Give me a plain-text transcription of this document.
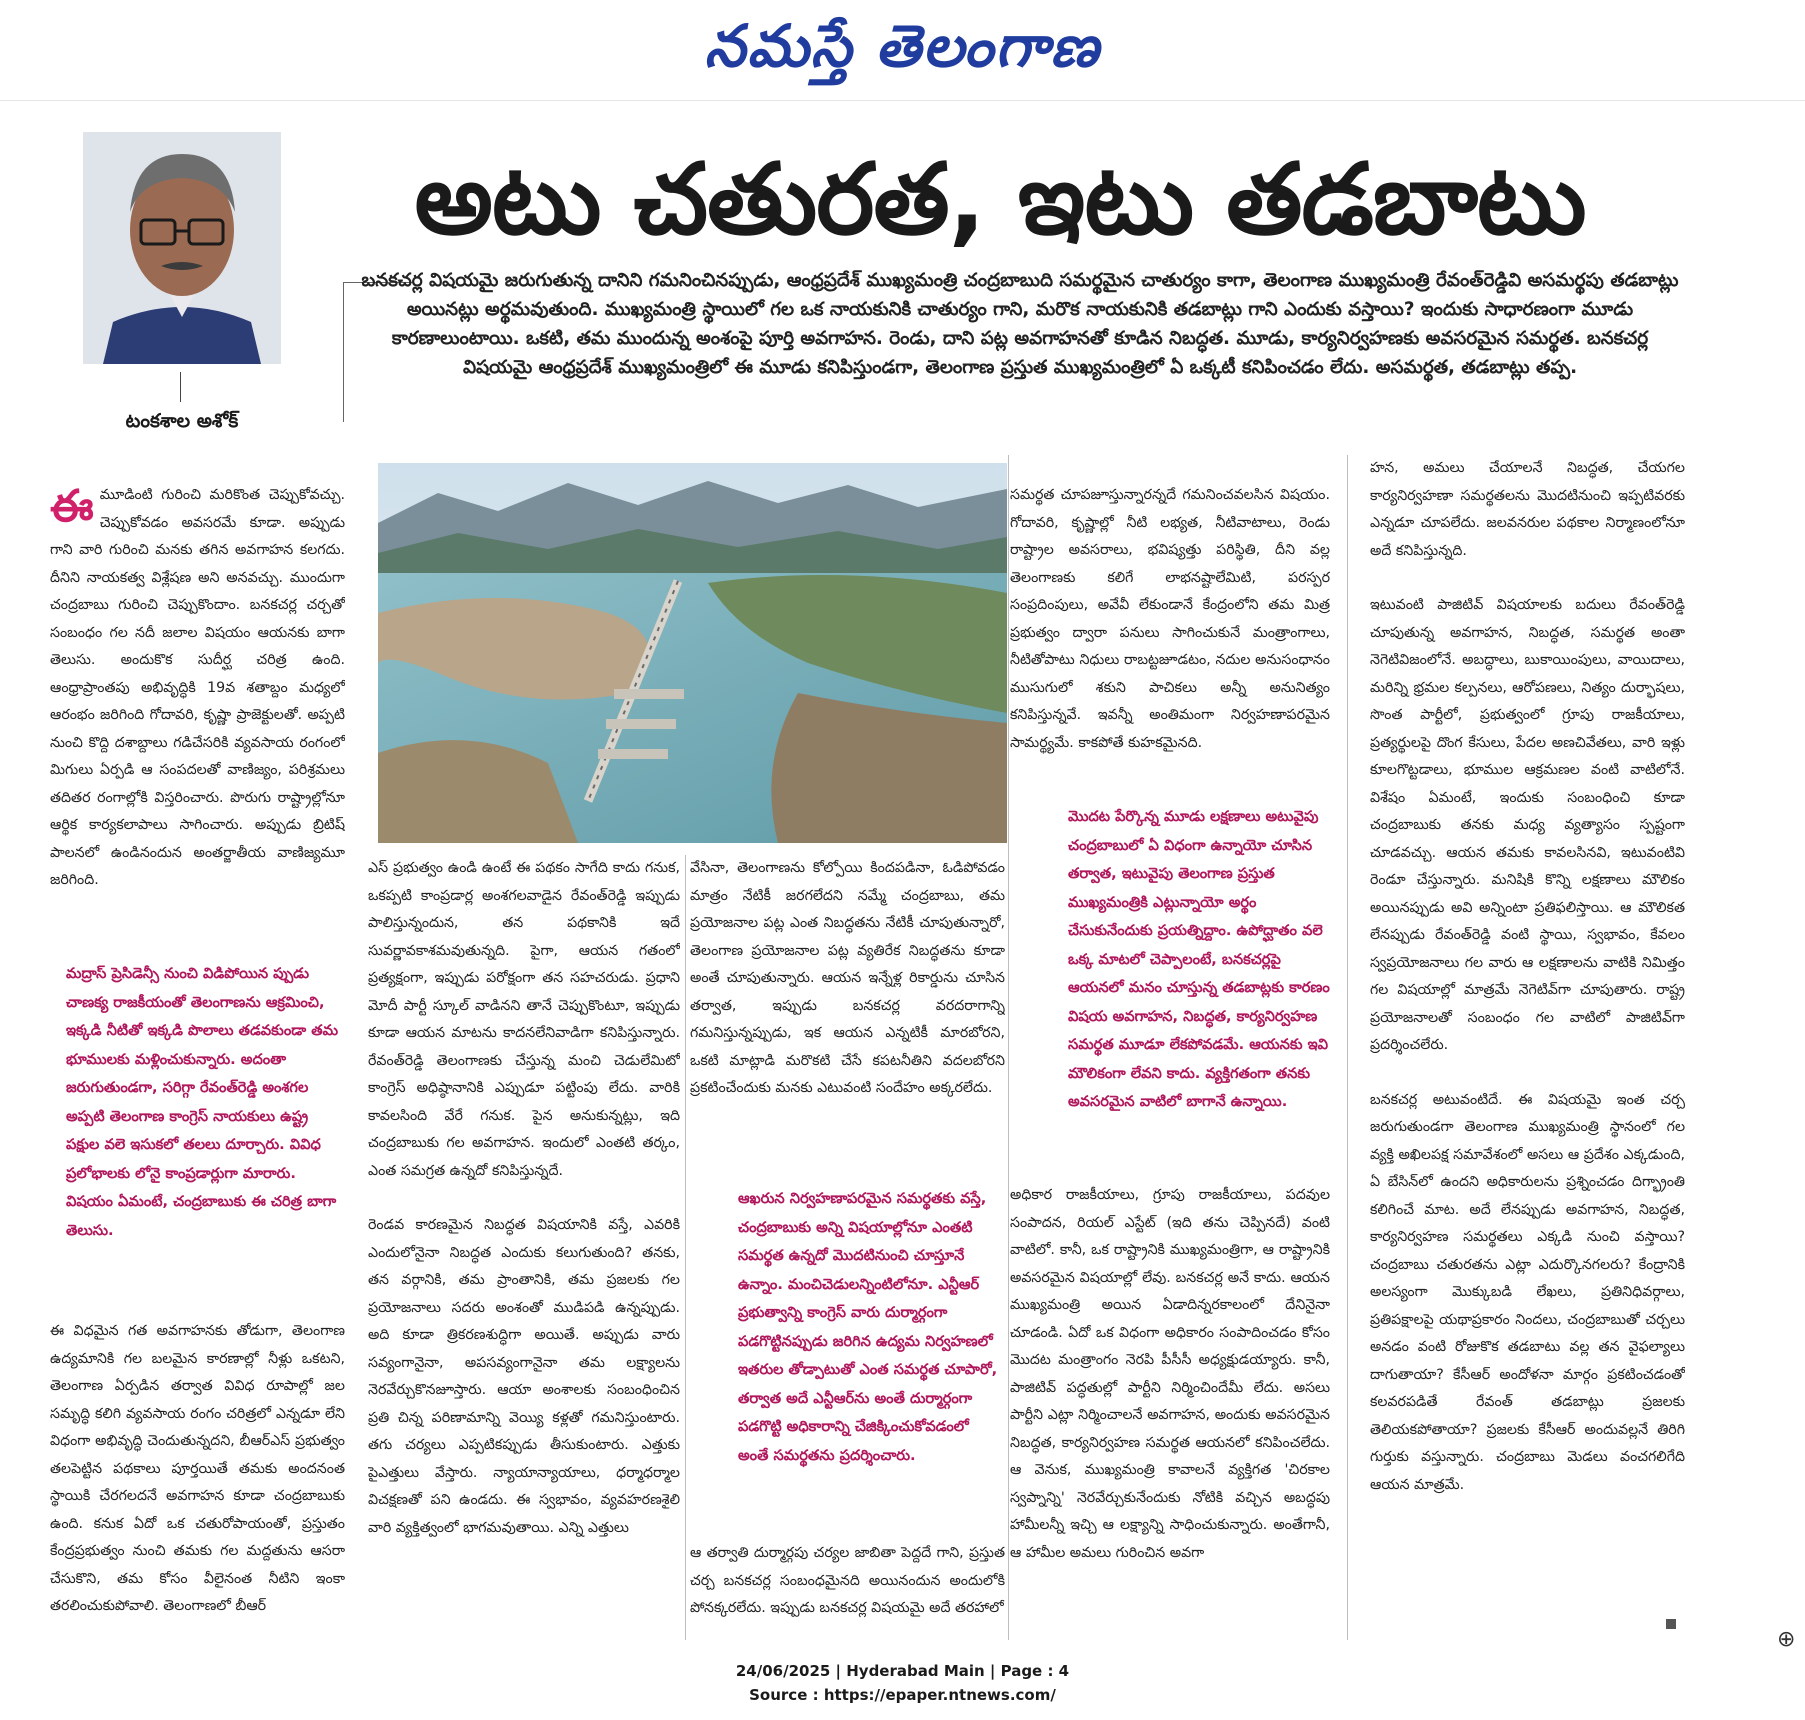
నమస్తే తెలంగాణ
టంకశాల అశోక్
అటు చతురత, ఇటు తడబాటు
బనకచర్ల విషయమై జరుగుతున్న దానిని గమనించినప్పుడు, ఆంధ్రప్రదేశ్ ముఖ్యమంత్రి చంద్రబాబుది సమర్థమైన చాతుర్యం కాగా, తెలంగాణ ముఖ్యమంత్రి రేవంత్‌రెడ్డివి అసమర్థపు తడబాట్లు అయినట్లు అర్థమవుతుంది. ముఖ్యమంత్రి స్థాయిలో గల ఒక నాయకునికి చాతుర్యం గాని, మరొక నాయకునికి తడబాట్లు గాని ఎందుకు వస్తాయి? ఇందుకు సాధారణంగా మూడు కారణాలుంటాయి. ఒకటి, తమ ముందున్న అంశంపై పూర్తి అవగాహన. రెండు, దాని పట్ల అవగాహనతో కూడిన నిబద్ధత. మూడు, కార్యనిర్వహణకు అవసరమైన సమర్థత. బనకచర్ల విషయమై ఆంధ్రప్రదేశ్ ముఖ్యమంత్రిలో ఈ మూడు కనిపిస్తుండగా, తెలంగాణ ప్రస్తుత ముఖ్యమంత్రిలో ఏ ఒక్కటీ కనిపించడం లేదు. అసమర్థత, తడబాట్లు తప్ప.
ఈ మూడింటి గురించి మరికొంత చెప్పుకోవచ్చు. చెప్పుకోవడం అవసరమే కూడా. అప్పుడు గాని వారి గురించి మనకు తగిన అవగాహన కలగదు. దీనిని నాయకత్వ విశ్లేషణ అని అనవచ్చు. ముందుగా చంద్రబాబు గురించి చెప్పుకొందాం. బనకచర్ల చర్చతో సంబంధం గల నదీ జలాల విషయం ఆయనకు బాగా తెలుసు. అందుకొక సుదీర్ఘ చరిత్ర ఉంది. ఆంధ్రాప్రాంతపు అభివృద్ధికి 19వ శతాబ్దం మధ్యలో ఆరంభం జరిగింది గోదావరి, కృష్ణా ప్రాజెక్టులతో. అప్పటి నుంచి కొద్ది దశాబ్దాలు గడిచేసరికి వ్యవసాయ రంగంలో మిగులు ఏర్పడి ఆ సంపదలతో వాణిజ్యం, పరిశ్రమలు తదితర రంగాల్లోకి విస్తరించారు. పొరుగు రాష్ట్రాల్లోనూ ఆర్థిక కార్యకలాపాలు సాగించారు. అప్పుడు బ్రిటిష్ పాలనలో ఉండినందున అంతర్జాతీయ వాణిజ్యమూ జరిగింది.

మద్రాస్ ప్రెసిడెన్సీ నుంచి విడిపోయిన ప్పుడు చాణక్య రాజకీయంతో తెలంగాణను ఆక్రమించి, ఇక్కడి నీటితో ఇక్కడి పొలాలు తడవకుండా తమ భూములకు మళ్లించుకున్నారు. అదంతా జరుగుతుండగా, సరిగ్గా రేవంత్‌రెడ్డి అంశగల అప్పటి తెలంగాణ కాంగ్రెస్ నాయకులు ఉష్ట్ర పక్షుల వలె ఇసుకలో తలలు దూర్చారు. వివిధ ప్రలోభాలకు లోనై కాంప్రడార్లుగా మారారు. విషయం ఏమంటే, చంద్రబాబుకు ఈ చరిత్ర బాగా తెలుసు.

ఈ విధమైన గత అవగాహనకు తోడుగా, తెలంగాణ ఉద్యమానికి గల బలమైన కారణాల్లో నీళ్లు ఒకటని, తెలంగాణ ఏర్పడిన తర్వాత వివిధ రూపాల్లో జల సమృద్ధి కలిగి వ్యవసాయ రంగం చరిత్రలో ఎన్నడూ లేని విధంగా అభివృద్ధి చెందుతున్నదని, బీఆర్‌ఎస్ ప్రభుత్వం తలపెట్టిన పథకాలు పూర్తయితే తమకు అందనంత స్థాయికి చేరగలదనే అవగాహన కూడా చంద్రబాబుకు ఉంది. కనుక ఏదో ఒక చతురోపాయంతో, ప్రస్తుతం కేంద్రప్రభుత్వం నుంచి తమకు గల మద్దతును ఆసరా చేసుకొని, తమ కోసం వీలైనంత నీటిని ఇంకా తరలించుకుపోవాలి. తెలంగాణలో బీఆర్

ఎస్ ప్రభుత్వం ఉండి ఉంటే ఈ పథకం సాగేది కాదు గనుక, ఒకప్పటి కాంప్రడార్ల అంశగలవాడైన రేవంత్‌రెడ్డి ఇప్పుడు పాలిస్తున్నందున, తన పథకానికి ఇదే సువర్ణావకాశమవుతున్నది. పైగా, ఆయన గతంలో ప్రత్యక్షంగా, ఇప్పుడు పరోక్షంగా తన సహచరుడు. ప్రధాని మోదీ పార్టీ స్కూల్ వాడినని తానే చెప్పుకొంటూ, ఇప్పుడు కూడా ఆయన మాటను కాదనలేనివాడిగా కనిపిస్తున్నారు. రేవంత్‌రెడ్డి తెలంగాణకు చేస్తున్న మంచి చెడులేమిటో కాంగ్రెస్ అధిష్ఠానానికి ఎప్పుడూ పట్టింపు లేదు. వారికి కావలసింది వేరే గనుక. పైన అనుకున్నట్లు, ఇది చంద్రబాబుకు గల అవగాహన. ఇందులో ఎంతటి తర్కం, ఎంత సమగ్రత ఉన్నదో కనిపిస్తున్నదే.

రెండవ కారణమైన నిబద్ధత విషయానికి వస్తే, ఎవరికి ఎందులోనైనా నిబద్ధత ఎందుకు కలుగుతుంది? తనకు, తన వర్గానికి, తమ ప్రాంతానికి, తమ ప్రజలకు గల ప్రయోజనాలు సదరు అంశంతో ముడిపడి ఉన్నప్పుడు. అది కూడా త్రికరణశుద్ధిగా అయితే. అప్పుడు వారు సవ్యంగానైనా, అపసవ్యంగానైనా తమ లక్ష్యాలను నెరవేర్చుకొనజూస్తారు. ఆయా అంశాలకు సంబంధించిన ప్రతి చిన్న పరిణామాన్ని వెయ్యి కళ్లతో గమనిస్తుంటారు. తగు చర్యలు ఎప్పటికప్పుడు తీసుకుంటారు. ఎత్తుకు పైఎత్తులు వేస్తారు. న్యాయాన్యాయాలు, ధర్మాధర్మాల విచక్షణతో పని ఉండదు. ఈ స్వభావం, వ్యవహరణశైలి వారి వ్యక్తిత్వంలో భాగమవుతాయి. ఎన్ని ఎత్తులు

వేసినా, తెలంగాణను కోల్పోయి కిందపడినా, ఓడిపోవడం మాత్రం నేటికీ జరగలేదని నమ్మే చంద్రబాబు, తమ ప్రయోజనాల పట్ల ఎంత నిబద్ధతను నేటికీ చూపుతున్నారో, తెలంగాణ ప్రయోజనాల పట్ల వ్యతిరేక నిబద్ధతను కూడా అంతే చూపుతున్నారు. ఆయన ఇన్నేళ్ల రికార్డును చూసిన తర్వాత, ఇప్పుడు బనకచర్ల వరదరాగాన్ని గమనిస్తున్నప్పుడు, ఇక ఆయన ఎన్నటికీ మారబోరని, ఒకటి మాట్లాడి మరొకటి చేసే కపటనీతిని వదలబోరని ప్రకటించేందుకు మనకు ఎటువంటి సందేహం అక్కరలేదు.

ఆఖరున నిర్వహణాపరమైన సమర్థతకు వస్తే, చంద్రబాబుకు అన్ని విషయాల్లోనూ ఎంతటి సమర్థత ఉన్నదో మొదటినుంచి చూస్తూనే ఉన్నాం. మంచిచెడులన్నింటిలోనూ. ఎన్టీఆర్ ప్రభుత్వాన్ని కాంగ్రెస్ వారు దుర్మార్గంగా పడగొట్టినప్పుడు జరిగిన ఉద్యమ నిర్వహణలో ఇతరుల తోడ్పాటుతో ఎంత సమర్థత చూపారో, తర్వాత అదే ఎన్టీఆర్‌ను అంతే దుర్మార్గంగా పడగొట్టి అధికారాన్ని చేజిక్కించుకోవడంలో అంతే సమర్థతను ప్రదర్శించారు.

ఆ తర్వాతి దుర్మార్గపు చర్యల జాబితా పెద్దదే గాని, ప్రస్తుత చర్చ బనకచర్ల సంబంధమైనది అయినందున అందులోకి పోనక్కరలేదు. ఇప్పుడు బనకచర్ల విషయమై అదే తరహాలో

సమర్థత చూపజూస్తున్నారన్నదే గమనించవలసిన విషయం. గోదావరి, కృష్ణాల్లో నీటి లభ్యత, నీటివాటాలు, రెండు రాష్ట్రాల అవసరాలు, భవిష్యత్తు పరిస్థితి, దీని వల్ల తెలంగాణకు కలిగే లాభనష్టాలేమిటి, పరస్పర సంప్రదింపులు, అవేవీ లేకుండానే కేంద్రంలోని తమ మిత్ర ప్రభుత్వం ద్వారా పనులు సాగించుకునే మంత్రాంగాలు, నీటితోపాటు నిధులు రాబట్టజూడటం, నదుల అనుసంధానం ముసుగులో శకుని పాచికలు అన్నీ అనునిత్యం కనిపిస్తున్నవే. ఇవన్నీ అంతిమంగా నిర్వహణాపరమైన సామర్థ్యమే. కాకపోతే కుహకమైనది.

మొదట పేర్కొన్న మూడు లక్షణాలు అటువైపు చంద్రబాబులో ఏ విధంగా ఉన్నాయో చూసిన తర్వాత, ఇటువైపు తెలంగాణ ప్రస్తుత ముఖ్యమంత్రికి ఎట్లున్నాయో అర్థం చేసుకునేందుకు ప్రయత్నిద్దాం. ఉపోద్ఘాతం వలె ఒక్క మాటలో చెప్పాలంటే, బనకచర్లపై ఆయనలో మనం చూస్తున్న తడబాట్లకు కారణం విషయ అవగాహన, నిబద్ధత, కార్యనిర్వహణ సమర్థత మూడూ లేకపోవడమే. ఆయనకు ఇవి మౌలికంగా లేవని కాదు. వ్యక్తిగతంగా తనకు అవసరమైన వాటిలో బాగానే ఉన్నాయి.

అధికార రాజకీయాలు, గ్రూపు రాజకీయాలు, పదవుల సంపాదన, రియల్ ఎస్టేట్ (ఇది తను చెప్పినదే) వంటి వాటిలో. కానీ, ఒక రాష్ట్రానికి ముఖ్యమంత్రిగా, ఆ రాష్ట్రానికి అవసరమైన విషయాల్లో లేవు. బనకచర్ల అనే కాదు. ఆయన ముఖ్యమంత్రి అయిన ఏడాదిన్నరకాలంలో దేనినైనా చూడండి. ఏదో ఒక విధంగా అధికారం సంపాదించడం కోసం మొదట మంత్రాంగం నెరపి పీసీసీ అధ్యక్షుడయ్యారు. కానీ, పాజిటివ్ పద్ధతుల్లో పార్టీని నిర్మించిందేమీ లేదు. అసలు పార్టీని ఎట్లా నిర్మించాలనే అవగాహన, అందుకు అవసరమైన నిబద్ధత, కార్యనిర్వహణ సమర్థత ఆయనలో కనిపించలేదు. ఆ వెనుక, ముఖ్యమంత్రి కావాలనే వ్యక్తిగత 'చిరకాల స్వప్నాన్ని' నెరవేర్చుకునేందుకు నోటికి వచ్చిన అబద్ధపు హామీలన్నీ ఇచ్చి ఆ లక్ష్యాన్ని సాధించుకున్నారు. అంతేగానీ, ఆ హామీల అమలు గురించిన అవగా

హన, అమలు చేయాలనే నిబద్ధత, చేయగల కార్యనిర్వహణా సమర్థతలను మొదటినుంచి ఇప్పటివరకు ఎన్నడూ చూపలేదు. జలవనరుల పథకాల నిర్మాణంలోనూ అదే కనిపిస్తున్నది.

ఇటువంటి పాజిటివ్ విషయాలకు బదులు రేవంత్‌రెడ్డి చూపుతున్న అవగాహన, నిబద్ధత, సమర్థత అంతా నెగెటివిజంలోనే. అబద్ధాలు, బుకాయింపులు, వాయిదాలు, మరిన్ని భ్రమల కల్పనలు, ఆరోపణలు, నిత్యం దుర్భాషలు, సొంత పార్టీలో, ప్రభుత్వంలో గ్రూపు రాజకీయాలు, ప్రత్యర్థులపై దొంగ కేసులు, పేదల అణచివేతలు, వారి ఇళ్లు కూలగొట్టడాలు, భూముల ఆక్రమణల వంటి వాటిలోనే. విశేషం ఏమంటే, ఇందుకు సంబంధించి కూడా చంద్రబాబుకు తనకు మధ్య వ్యత్యాసం స్పష్టంగా చూడవచ్చు. ఆయన తమకు కావలసినవి, ఇటువంటివి రెండూ చేస్తున్నారు. మనిషికి కొన్ని లక్షణాలు మౌలికం అయినప్పుడు అవి అన్నింటా ప్రతిఫలిస్తాయి. ఆ మౌలికత లేనప్పుడు రేవంత్‌రెడ్డి వంటి స్థాయి, స్వభావం, కేవలం స్వప్రయోజనాలు గల వారు ఆ లక్షణాలను వాటికి నిమిత్తం గల విషయాల్లో మాత్రమే నెగెటివ్‌గా చూపుతారు. రాష్ట్ర ప్రయోజనాలతో సంబంధం గల వాటిలో పాజిటివ్‌గా ప్రదర్శించలేరు.

బనకచర్ల అటువంటిదే. ఈ విషయమై ఇంత చర్చ జరుగుతుండగా తెలంగాణ ముఖ్యమంత్రి స్థానంలో గల వ్యక్తి అఖిలపక్ష సమావేశంలో అసలు ఆ ప్రదేశం ఎక్కడుంది, ఏ బేసిన్‌లో ఉందని అధికారులను ప్రశ్నించడం దిగ్భ్రాంతి కలిగించే మాట. అదే లేనప్పుడు అవగాహన, నిబద్ధత, కార్యనిర్వహణ సమర్థతలు ఎక్కడి నుంచి వస్తాయి? చంద్రబాబు చతురతను ఎట్లా ఎదుర్కొనగలరు? కేంద్రానికి అలస్యంగా మొక్కుబడి లేఖలు, ప్రతినిధివర్గాలు, ప్రతిపక్షాలపై యథాప్రకారం నిందలు, చంద్రబాబుతో చర్చలు అనడం వంటి రోజుకొక తడబాటు వల్ల తన వైఫల్యాలు దాగుతాయా? కేసీఆర్ అందోళనా మార్గం ప్రకటించడంతో కలవరపడితే రేవంత్ తడబాట్లు ప్రజలకు తెలియకపోతాయా? ప్రజలకు కేసీఆర్ అందువల్లనే తిరిగి గుర్తుకు వస్తున్నారు. చంద్రబాబు మెడలు వంచగలిగేది ఆయన మాత్రమే.

⊕
24/06/2025 | Hyderabad Main | Page : 4
Source : https://epaper.ntnews.com/
